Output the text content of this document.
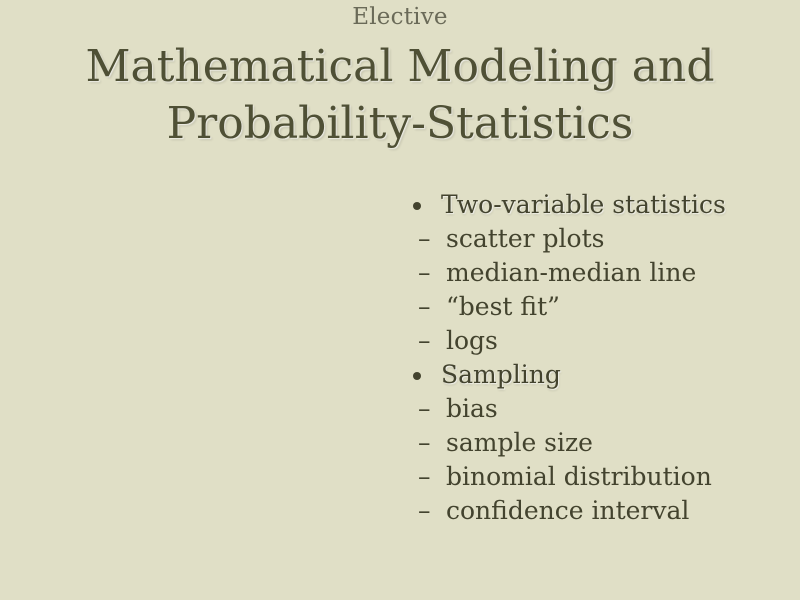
Elective
Mathematical Modeling and
Probability-Statistics
Two-variable statistics
– scatter plots
– median-median line
– “best fit”
– logs
Sampling
– bias
– sample size
– binomial distribution
– confidence interval
